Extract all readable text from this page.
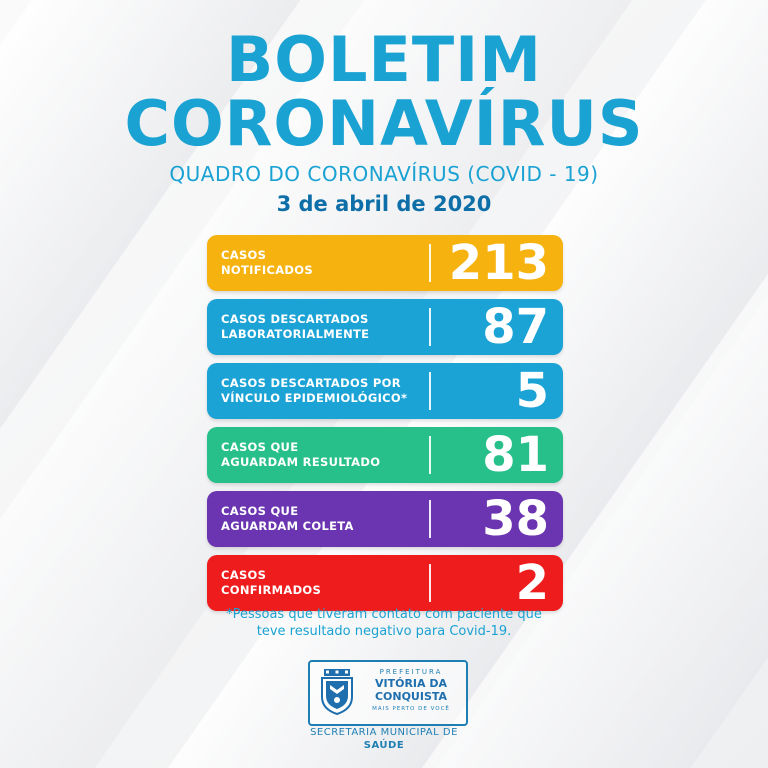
BOLETIM
CORONAVÍRUS
QUADRO DO CORONAVÍRUS (COVID - 19)
3 de abril de 2020
CASOS
NOTIFICADOS	213
CASOS DESCARTADOS
LABORATORIALMENTE	87
CASOS DESCARTADOS POR
VÍNCULO EPIDEMIOLÓGICO*	5
CASOS QUE
AGUARDAM RESULTADO	81
CASOS QUE
AGUARDAM COLETA	38
CASOS
CONFIRMADOS	2
*Pessoas que tiveram contato com paciente que
teve resultado negativo para Covid-19.
PREFEITURA
VITÓRIA DA
CONQUISTA
MAIS PERTO DE VOCÊ
SECRETARIA MUNICIPAL DE
SAÚDE
